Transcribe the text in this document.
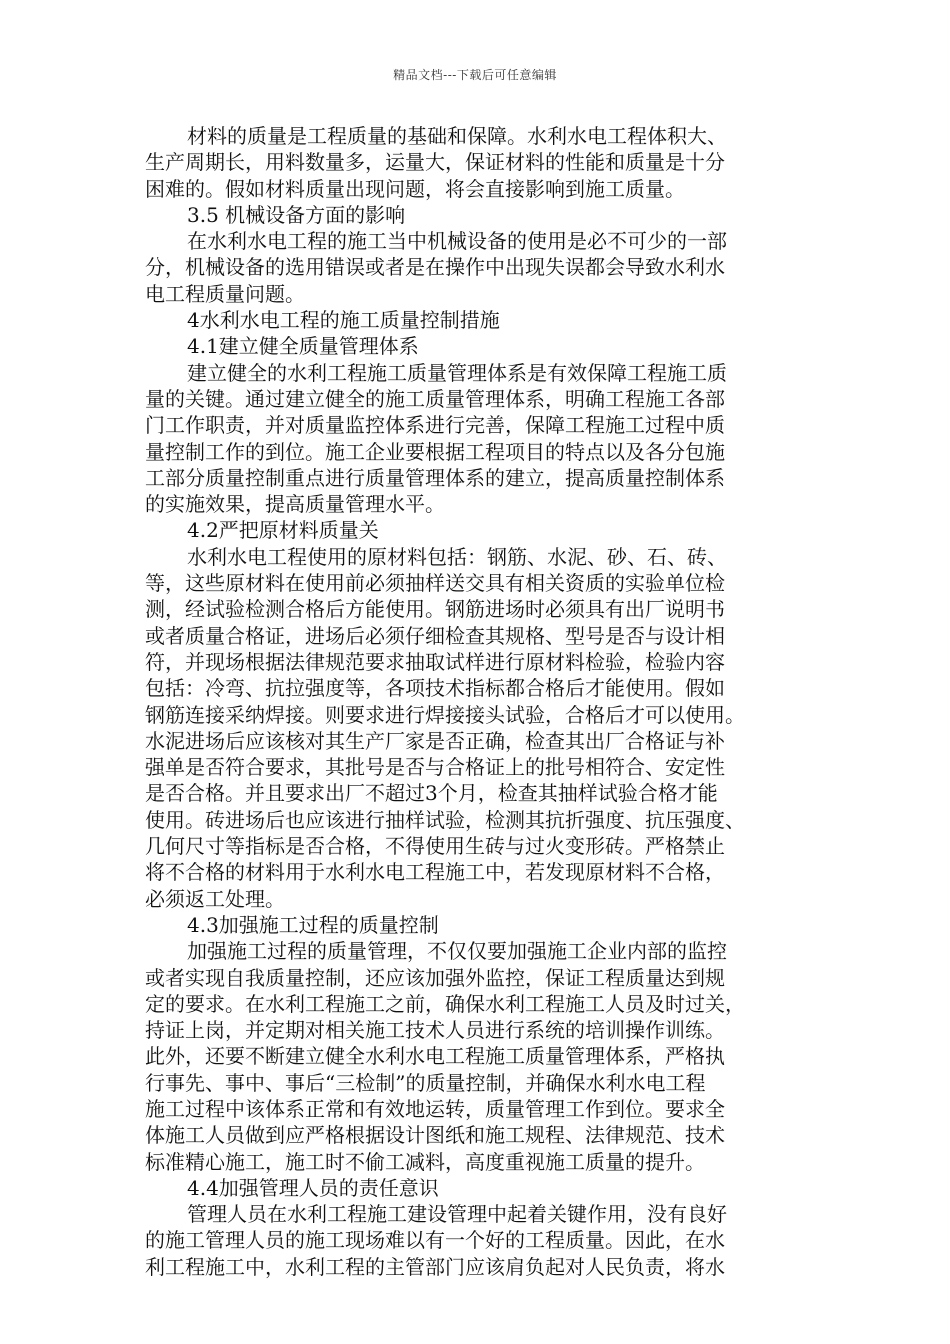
精品文档---下载后可任意编辑
材料的质量是工程质量的基础和保障。水利水电工程体积大、
生产周期长，用料数量多，运量大，保证材料的性能和质量是十分
困难的。假如材料质量出现问题，将会直接影响到施工质量。
3.5 机械设备方面的影响
在水利水电工程的施工当中机械设备的使用是必不可少的一部
分，机械设备的选用错误或者是在操作中出现失误都会导致水利水
电工程质量问题。
4水利水电工程的施工质量控制措施
4.1建立健全质量管理体系
建立健全的水利工程施工质量管理体系是有效保障工程施工质
量的关键。通过建立健全的施工质量管理体系，明确工程施工各部
门工作职责，并对质量监控体系进行完善，保障工程施工过程中质
量控制工作的到位。施工企业要根据工程项目的特点以及各分包施
工部分质量控制重点进行质量管理体系的建立，提高质量控制体系
的实施效果，提高质量管理水平。
4.2严把原材料质量关
水利水电工程使用的原材料包括：钢筋、水泥、砂、石、砖、
等，这些原材料在使用前必须抽样送交具有相关资质的实验单位检
测，经试验检测合格后方能使用。钢筋进场时必须具有出厂说明书
或者质量合格证，进场后必须仔细检查其规格、型号是否与设计相
符，并现场根据法律规范要求抽取试样进行原材料检验，检验内容
包括：冷弯、抗拉强度等，各项技术指标都合格后才能使用。假如
钢筋连接采纳焊接。则要求进行焊接接头试验，合格后才可以使用。
水泥进场后应该核对其生产厂家是否正确，检查其出厂合格证与补
强单是否符合要求，其批号是否与合格证上的批号相符合、安定性
是否合格。并且要求出厂不超过3个月，检查其抽样试验合格才能
使用。砖进场后也应该进行抽样试验，检测其抗折强度、抗压强度、
几何尺寸等指标是否合格，不得使用生砖与过火变形砖。严格禁止
将不合格的材料用于水利水电工程施工中，若发现原材料不合格，
必须返工处理。
4.3加强施工过程的质量控制
加强施工过程的质量管理，不仅仅要加强施工企业内部的监控
或者实现自我质量控制，还应该加强外监控，保证工程质量达到规
定的要求。在水利工程施工之前，确保水利工程施工人员及时过关，
持证上岗，并定期对相关施工技术人员进行系统的培训操作训练。
此外，还要不断建立健全水利水电工程施工质量管理体系，严格执
行事先、事中、事后“三检制”的质量控制，并确保水利水电工程
施工过程中该体系正常和有效地运转，质量管理工作到位。要求全
体施工人员做到应严格根据设计图纸和施工规程、法律规范、技术
标准精心施工，施工时不偷工减料，高度重视施工质量的提升。
4.4加强管理人员的责任意识
管理人员在水利工程施工建设管理中起着关键作用，没有良好
的施工管理人员的施工现场难以有一个好的工程质量。因此，在水
利工程施工中，水利工程的主管部门应该肩负起对人民负责，将水
